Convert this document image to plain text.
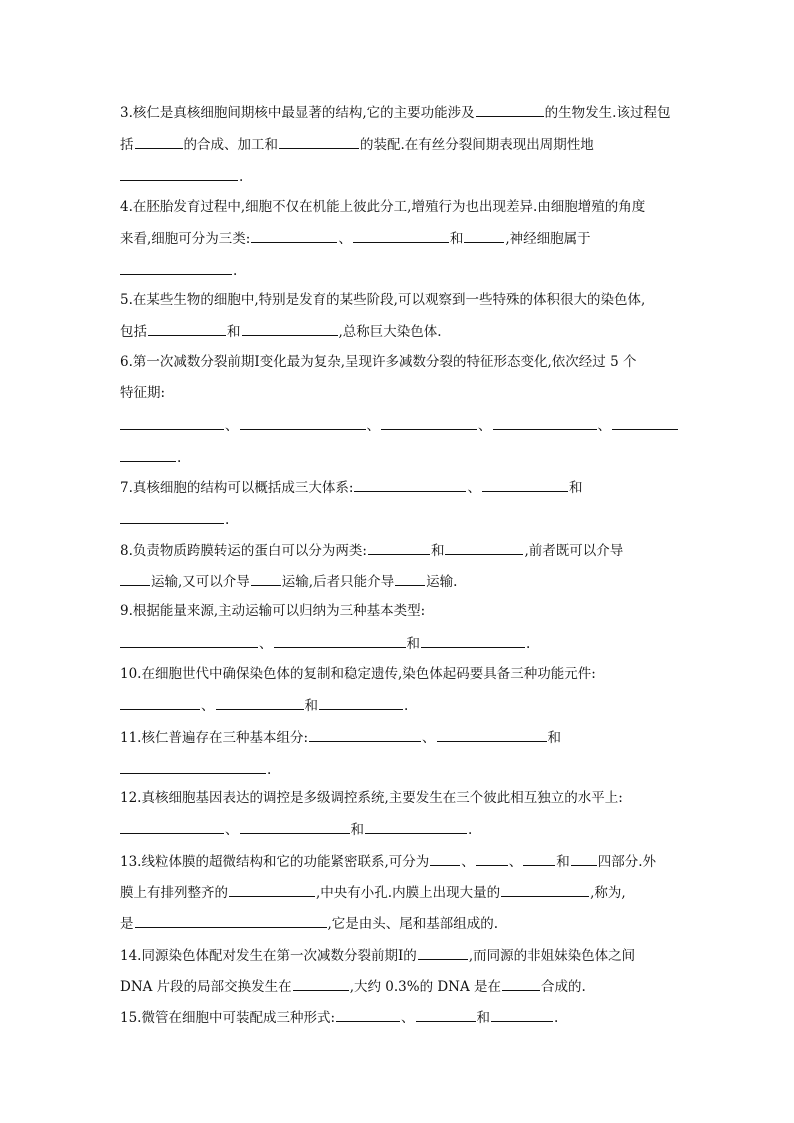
3.核仁是真核细胞间期核中最显著的结构,它的主要功能涉及	的生物发生.该过程包
括	的合成、加工和	的装配.在有丝分裂间期表现出周期性地
.
4.在胚胎发育过程中,细胞不仅在机能上彼此分工,增殖行为也出现差异.由细胞增殖的角度
来看,细胞可分为三类:	、	和	,神经细胞属于
.
5.在某些生物的细胞中,特别是发育的某些阶段,可以观察到一些特殊的体积很大的染色体,
包括	和	,总称巨大染色体.
6.第一次减数分裂前期Ⅰ变化最为复杂,呈现许多减数分裂的特征形态变化,依次经过 5 个
特征期:
、	、	、	、
.
7.真核细胞的结构可以概括成三大体系:	、	和
.
8.负责物质跨膜转运的蛋白可以分为两类:	和	,前者既可以介导
运输,又可以介导 运输,后者只能介导 运输.
9.根据能量来源,主动运输可以归纳为三种基本类型:
、	和	.
10.在细胞世代中确保染色体的复制和稳定遗传,染色体起码要具备三种功能元件:
、	和	.
11.核仁普遍存在三种基本组分:	、	和
.
12.真核细胞基因表达的调控是多级调控系统,主要发生在三个彼此相互独立的水平上:
、	和	.
13.线粒体膜的超微结构和它的功能紧密联系,可分为 、	、	和 四部分.外
膜上有排列整齐的	,中央有小孔.内膜上出现大量的	,称为,
是	,它是由头、尾和基部组成的.
14.同源染色体配对发生在第一次减数分裂前期Ⅰ的	,而同源的非姐妹染色体之间
DNA 片段的局部交换发生在	,大约 0.3%的 DNA 是在	合成的.
15.微管在细胞中可装配成三种形式:	、	和	.
